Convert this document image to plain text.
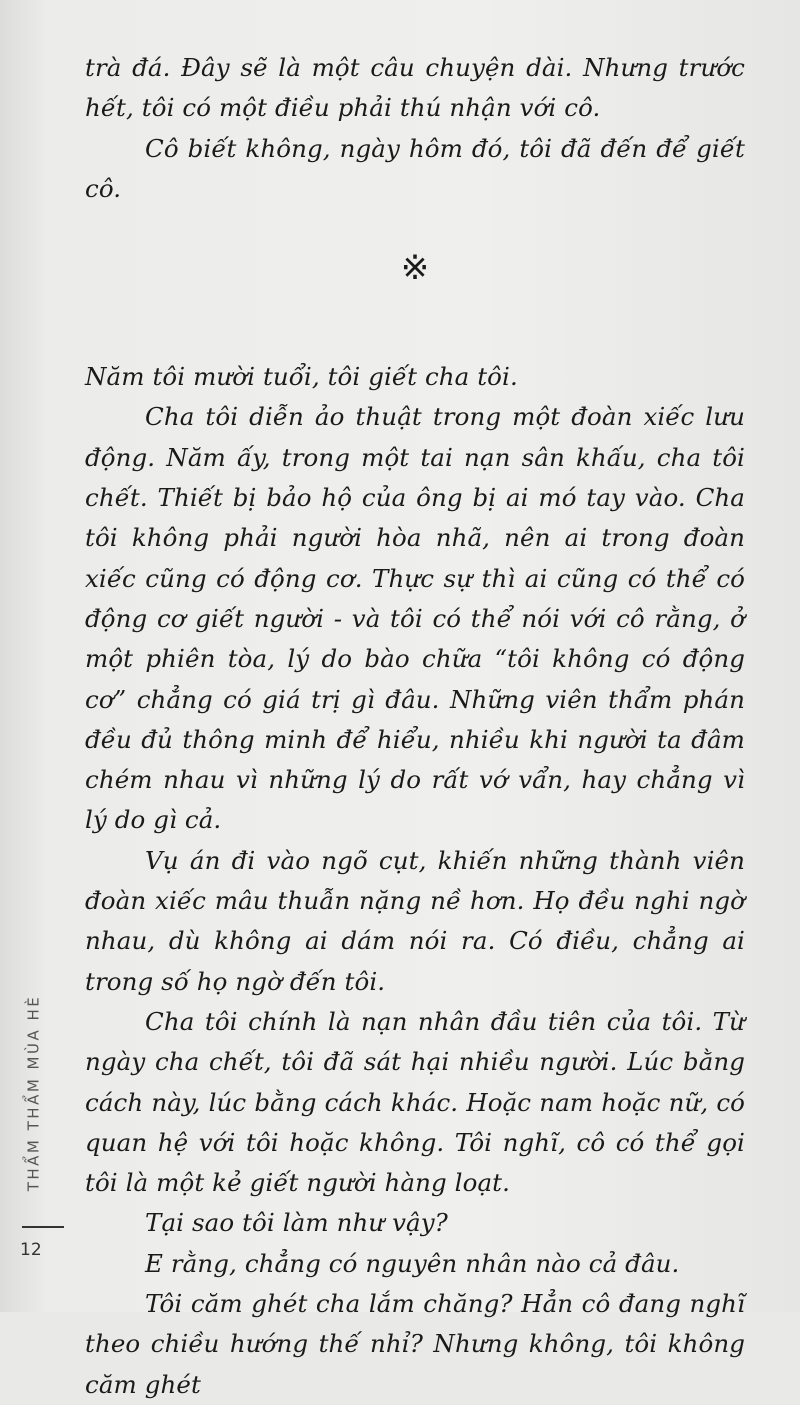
trà đá. Đây sẽ là một câu chuyện dài. Nhưng trước hết, tôi có một điều phải thú nhận với cô.

Cô biết không, ngày hôm đó, tôi đã đến để giết cô.

※

Năm tôi mười tuổi, tôi giết cha tôi.

Cha tôi diễn ảo thuật trong một đoàn xiếc lưu động. Năm ấy, trong một tai nạn sân khấu, cha tôi chết. Thiết bị bảo hộ của ông bị ai mó tay vào. Cha tôi không phải người hòa nhã, nên ai trong đoàn xiếc cũng có động cơ. Thực sự thì ai cũng có thể có động cơ giết người - và tôi có thể nói với cô rằng, ở một phiên tòa, lý do bào chữa “tôi không có động cơ” chẳng có giá trị gì đâu. Những viên thẩm phán đều đủ thông minh để hiểu, nhiều khi người ta đâm chém nhau vì những lý do rất vớ vẩn, hay chẳng vì lý do gì cả.

Vụ án đi vào ngõ cụt, khiến những thành viên đoàn xiếc mâu thuẫn nặng nề hơn. Họ đều nghi ngờ nhau, dù không ai dám nói ra. Có điều, chẳng ai trong số họ ngờ đến tôi.

Cha tôi chính là nạn nhân đầu tiên của tôi. Từ ngày cha chết, tôi đã sát hại nhiều người. Lúc bằng cách này, lúc bằng cách khác. Hoặc nam hoặc nữ, có quan hệ với tôi hoặc không. Tôi nghĩ, cô có thể gọi tôi là một kẻ giết người hàng loạt.

Tại sao tôi làm như vậy?

E rằng, chẳng có nguyên nhân nào cả đâu.

Tôi căm ghét cha lắm chăng? Hẳn cô đang nghĩ theo chiều hướng thế nhỉ? Nhưng không, tôi không căm ghét

THẨM THẨM MÙA HÈ
12
